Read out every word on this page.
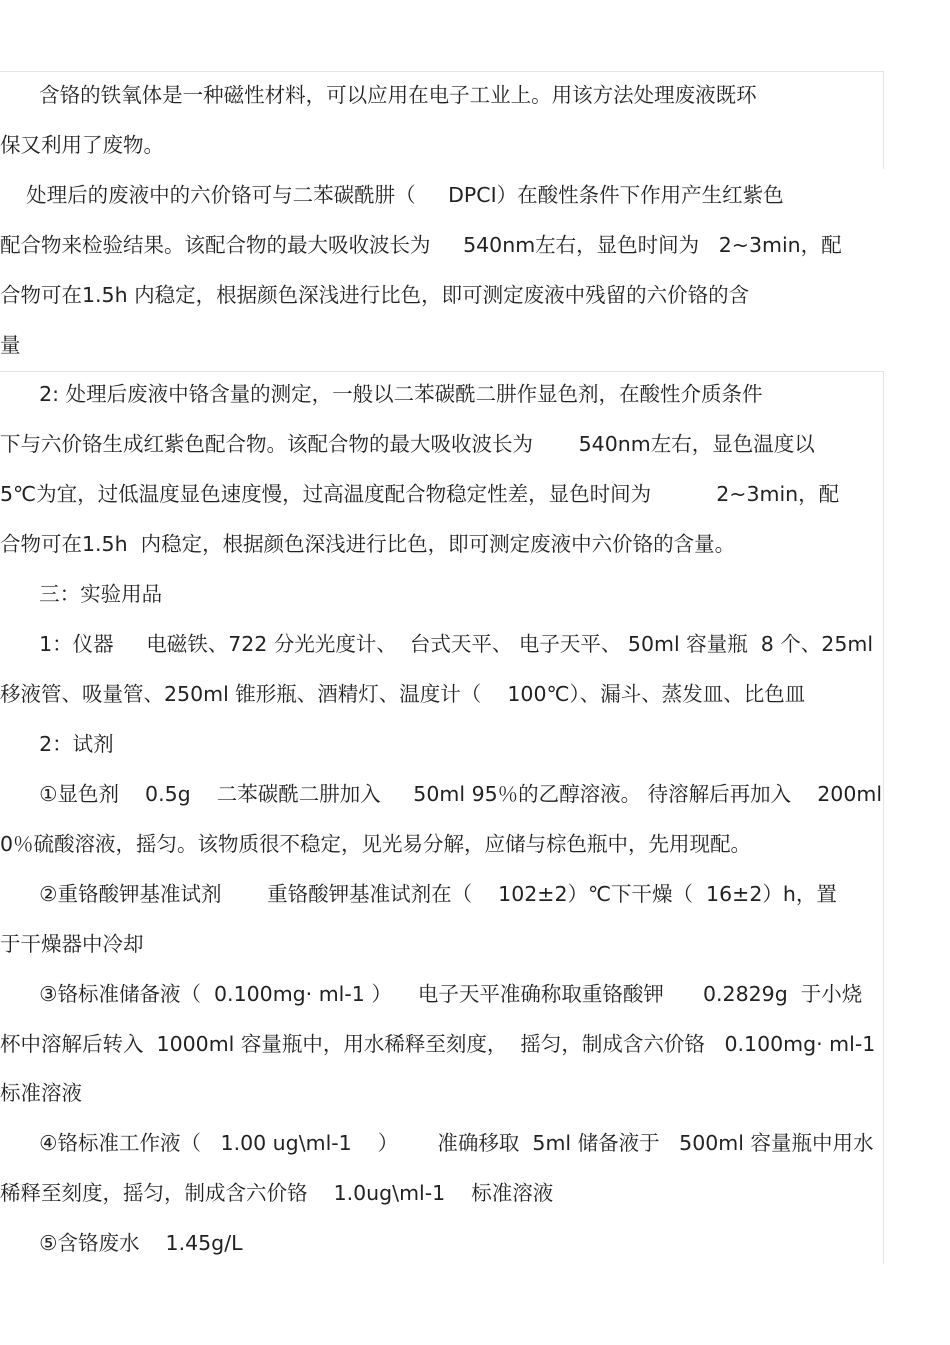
含铬的铁氧体是一种磁性材料，可以应用在电子工业上。用该方法处理废液既环
保又利用了废物。
处理后的废液中的六价铬可与二苯碳酰肼（     DPCI）在酸性条件下作用产生红紫色
配合物来检验结果。该配合物的最大吸收波长为     540nm左右，显色时间为   2~3min，配
合物可在1.5h 内稳定，根据颜色深浅进行比色，即可测定废液中残留的六价铬的含
量
2: 处理后废液中铬含量的测定，一般以二苯碳酰二肼作显色剂，在酸性介质条件
下与六价铬生成红紫色配合物。该配合物的最大吸收波长为       540nm左右，显色温度以
5℃为宜，过低温度显色速度慢，过高温度配合物稳定性差，显色时间为          2~3min，配
合物可在1.5h  内稳定，根据颜色深浅进行比色，即可测定废液中六价铬的含量。
三：实验用品
1：仪器     电磁铁、722 分光光度计、  台式天平、 电子天平、 50ml 容量瓶  8 个、25ml
移液管、吸量管、250ml 锥形瓶、酒精灯、温度计（    100℃）、漏斗、蒸发皿、比色皿
2：试剂
①显色剂    0.5g    二苯碳酰二肼加入     50ml 95％的乙醇溶液。 待溶解后再加入    200ml
0％硫酸溶液，摇匀。该物质很不稳定，见光易分解，应储与棕色瓶中，先用现配。
②重铬酸钾基准试剂       重铬酸钾基准试剂在（    102±2）℃下干燥（  16±2）h，置
于干燥器中冷却
③铬标准储备液（  0.100mg· ml-1 ）    电子天平准确称取重铬酸钾      0.2829g  于小烧
杯中溶解后转入  1000ml 容量瓶中，用水稀释至刻度，  摇匀，制成含六价铬   0.100mg· ml-1
标准溶液
④铬标准工作液（   1.00 ug\ml-1    ）      准确移取  5ml 储备液于   500ml 容量瓶中用水
稀释至刻度，摇匀，制成含六价铬    1.0ug\ml-1    标准溶液
⑤含铬废水    1.45g/L
